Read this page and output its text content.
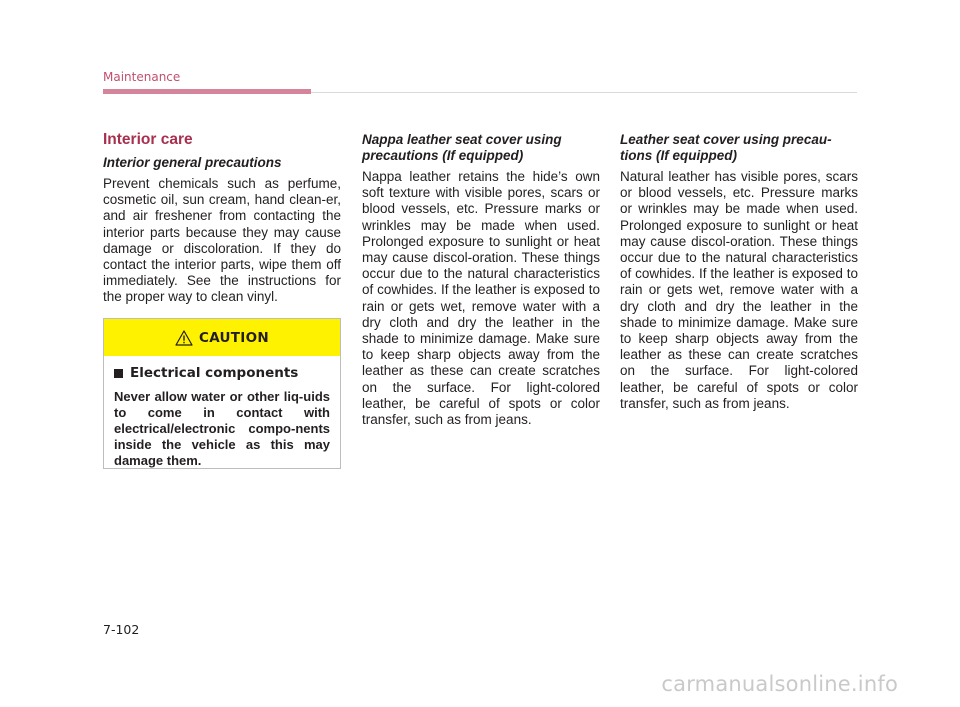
Maintenance
Interior care
Interior general precautions

Prevent chemicals such as perfume, cosmetic oil, sun cream, hand clean-er, and air freshener from contacting the interior parts because they may cause damage or discoloration. If they do contact the interior parts, wipe them off immediately. See the instructions for the proper way to clean vinyl.

CAUTION
Electrical components

Never allow water or other liq-uids to come in contact with electrical/electronic compo-nents inside the vehicle as this may damage them.

Nappa leather seat cover using
precautions (If equipped)

Nappa leather retains the hide’s own soft texture with visible pores, scars or blood vessels, etc. Pressure marks or wrinkles may be made when used. Prolonged exposure to sunlight or heat may cause discol-oration. These things occur due to the natural characteristics of cowhides. If the leather is exposed to rain or gets wet, remove water with a dry cloth and dry the leather in the shade to minimize damage. Make sure to keep sharp objects away from the leather as these can create scratches on the surface. For light-colored leather, be careful of spots or color transfer, such as from jeans.

Leather seat cover using precau-
tions (If equipped)

Natural leather has visible pores, scars or blood vessels, etc. Pressure marks or wrinkles may be made when used. Prolonged exposure to sunlight or heat may cause discol-oration. These things occur due to the natural characteristics of cowhides. If the leather is exposed to rain or gets wet, remove water with a dry cloth and dry the leather in the shade to minimize damage. Make sure to keep sharp objects away from the leather as these can create scratches on the surface. For light-colored leather, be careful of spots or color transfer, such as from jeans.

7-102
carmanualsonline.info
